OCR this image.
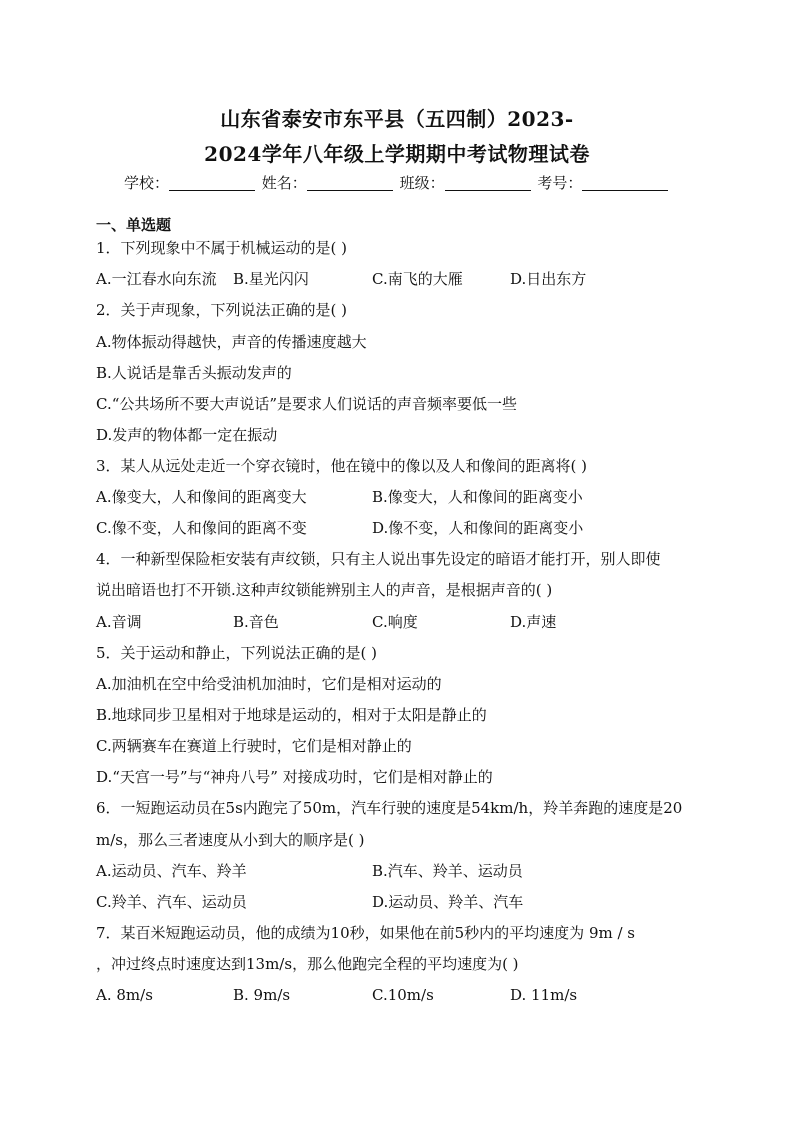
山东省泰安市东平县（五四制）2023-
2024学年八年级上学期期中考试物理试卷
学校：	姓名：	班级：	考号：
一、单选题
1．下列现象中不属于机械运动的是( )
A.一江春水向东流 B.星光闪闪	C.南飞的大雁	D.日出东方
2．关于声现象，下列说法正确的是( )
A.物体振动得越快，声音的传播速度越大
B.人说话是靠舌头振动发声的
C.“公共场所不要大声说话”是要求人们说话的声音频率要低一些
D.发声的物体都一定在振动
3．某人从远处走近一个穿衣镜时，他在镜中的像以及人和像间的距离将( )
A.像变大，人和像间的距离变大	B.像变大，人和像间的距离变小
C.像不变，人和像间的距离不变	D.像不变，人和像间的距离变小
4．一种新型保险柜安装有声纹锁，只有主人说出事先设定的暗语才能打开，别人即使
说出暗语也打不开锁.这种声纹锁能辨别主人的声音，是根据声音的( )
A.音调	B.音色	C.响度	D.声速
5．关于运动和静止，下列说法正确的是( )
A.加油机在空中给受油机加油时，它们是相对运动的
B.地球同步卫星相对于地球是运动的，相对于太阳是静止的
C.两辆赛车在赛道上行驶时，它们是相对静止的
D.“天宫一号”与“神舟八号” 对接成功时，它们是相对静止的
6．一短跑运动员在5s内跑完了50m，汽车行驶的速度是54km/h，羚羊奔跑的速度是20
m/s，那么三者速度从小到大的顺序是( )
A.运动员、汽车、羚羊	B.汽车、羚羊、运动员
C.羚羊、汽车、运动员	D.运动员、羚羊、汽车
7．某百米短跑运动员，他的成绩为10秒，如果他在前5秒内的平均速度为 9m / s
，冲过终点时速度达到13m/s，那么他跑完全程的平均速度为( )
A. 8m/s	B. 9m/s	C.10m/s	D. 11m/s
